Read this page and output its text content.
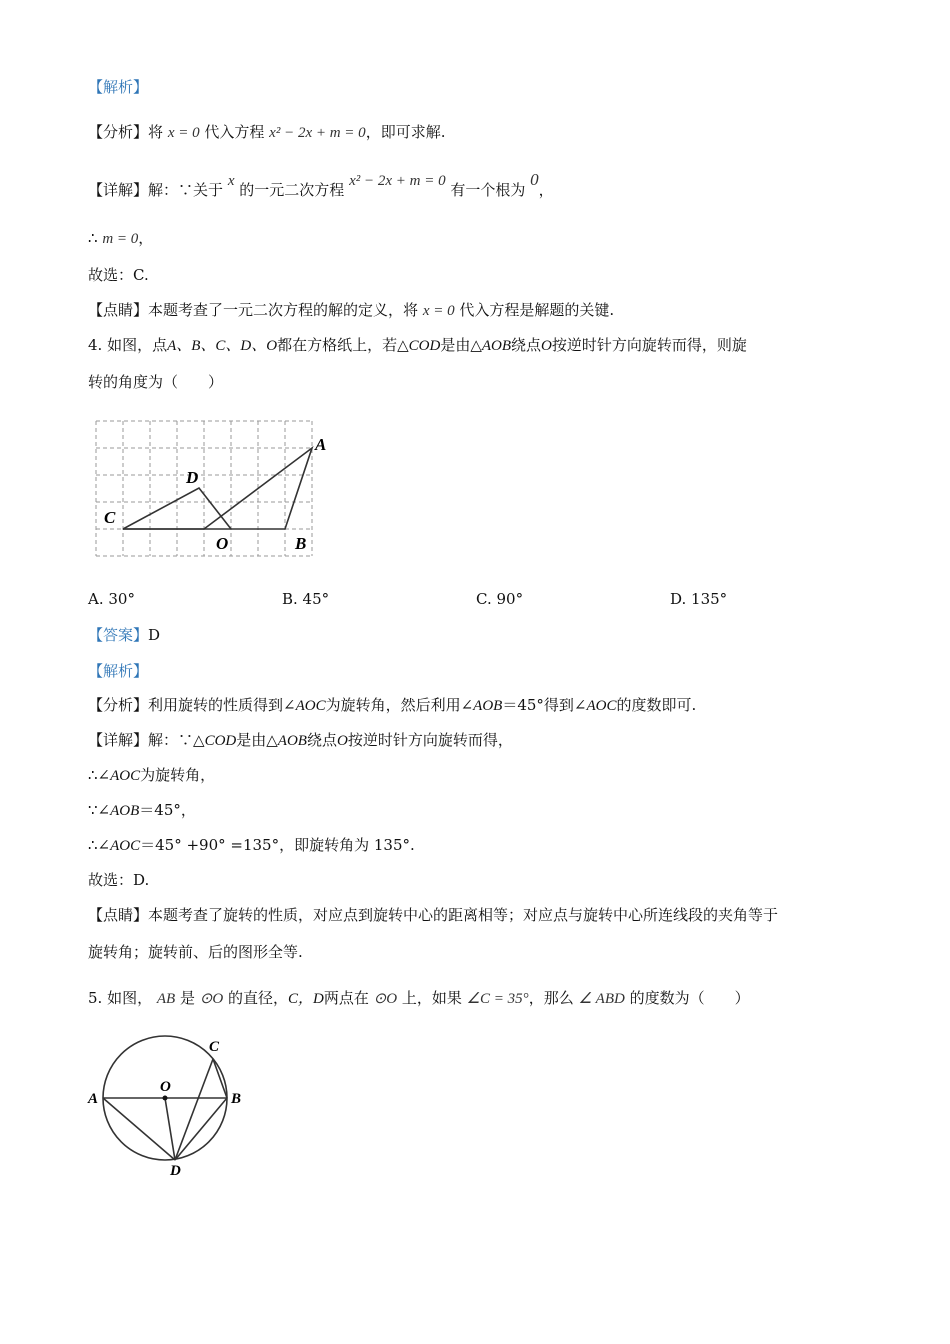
【解析】
【分析】将 x = 0 代入方程 x² − 2x + m = 0，即可求解.
【详解】解：∵关于 x 的一元二次方程 x² − 2x + m = 0 有一个根为 0，
∴ m = 0，
故选：C.
【点睛】本题考查了一元二次方程的解的定义，将 x = 0 代入方程是解题的关键.
4. 如图，点A、B、C、D、O都在方格纸上，若△COD是由△AOB绕点O按逆时针方向旋转而得，则旋
转的角度为（　　）
A
B
C
D
O
A. 30°	B. 45°	C. 90°	D. 135°
【答案】D
【解析】
【分析】利用旋转的性质得到∠AOC为旋转角，然后利用∠AOB＝45°得到∠AOC的度数即可.
【详解】解：∵△COD是由△AOB绕点O按逆时针方向旋转而得，
∴∠AOC为旋转角，
∵∠AOB＝45°，
∴∠AOC＝45° +90° =135°，即旋转角为 135°.
故选：D.
【点睛】本题考查了旋转的性质，对应点到旋转中心的距离相等；对应点与旋转中心所连线段的夹角等于
旋转角；旋转前、后的图形全等.
5. 如图， AB 是 ⊙O 的直径，C，D两点在 ⊙O 上，如果 ∠C = 35°，那么 ∠ ABD 的度数为（　　）
A	B
C
D
O
